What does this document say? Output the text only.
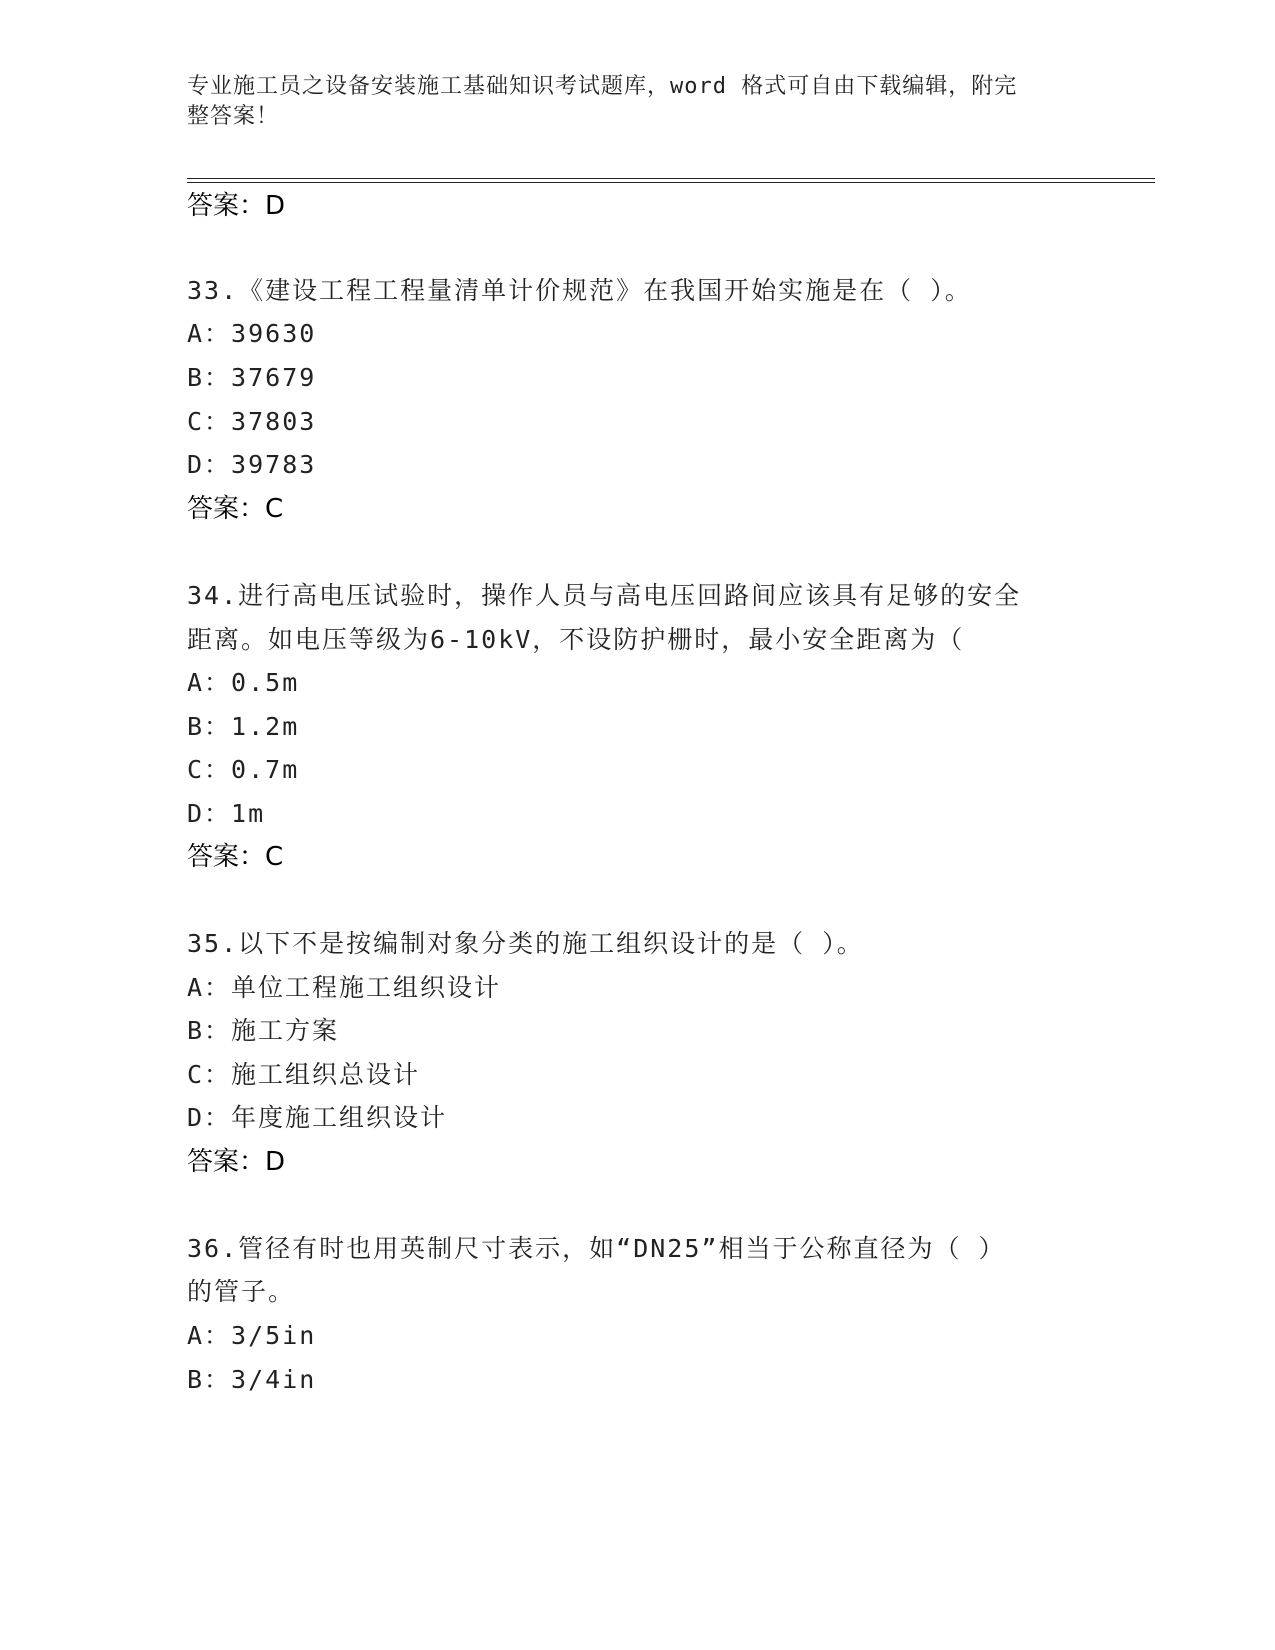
专业施工员之设备安装施工基础知识考试题库，word 格式可自由下载编辑，附完
整答案！
答案：D
33.《建设工程工程量清单计价规范》在我国开始实施是在（ ）。
A：39630
B：37679
C：37803
D：39783
答案：C
34.进行高电压试验时，操作人员与高电压回路间应该具有足够的安全
距离。如电压等级为6-10kV，不设防护栅时，最小安全距离为（
A：0.5m
B：1.2m
C：0.7m
D：1m
答案：C
35.以下不是按编制对象分类的施工组织设计的是（ ）。
A：单位工程施工组织设计
B：施工方案
C：施工组织总设计
D：年度施工组织设计
答案：D
36.管径有时也用英制尺寸表示，如“DN25”相当于公称直径为（ ）
的管子。
A：3/5in
B：3/4in
